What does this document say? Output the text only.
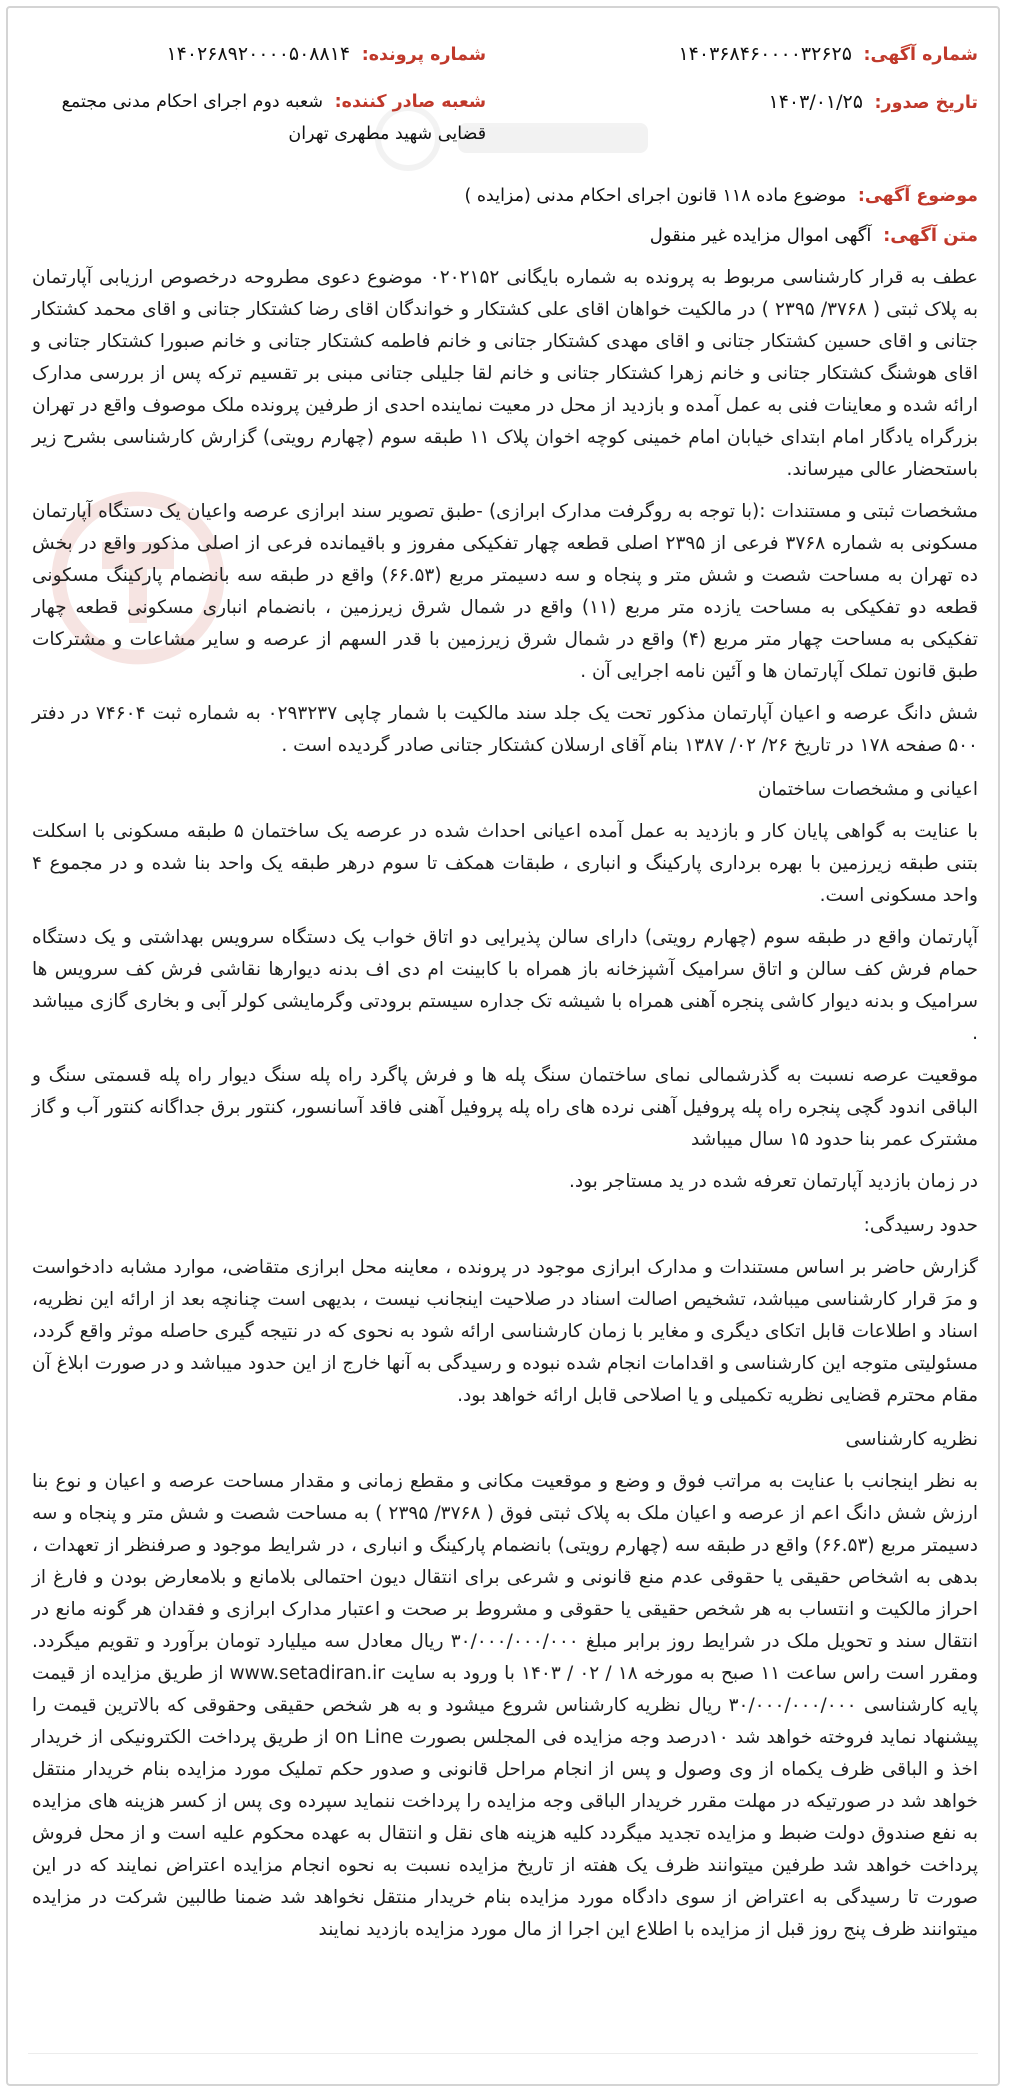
شماره آگهی: ۱۴۰۳۶۸۴۶۰۰۰۰۳۲۶۲۵
شماره پرونده: ۱۴۰۲۶۸۹۲۰۰۰۰۵۰۸۸۱۴
تاریخ صدور: ۱۴۰۳/۰۱/۲۵
شعبه صادر کننده: شعبه دوم اجرای احکام مدنی مجتمع قضایی شهید مطهری تهران
موضوع آگهی: موضوع ماده ۱۱۸ قانون اجرای احکام مدنی (مزایده )
متن آگهی: آگهی اموال مزایده غیر منقول

عطف به قرار کارشناسی مربوط به پرونده به شماره بایگانی ۰۲۰۲۱۵۲ موضوع دعوی مطروحه درخصوص ارزیابی آپارتمان به پلاک ثبتی ( ۳۷۶۸/ ۲۳۹۵ ) در مالکیت خواهان اقای علی کشتکار و خواندگان اقای رضا کشتکار جتانی و اقای محمد کشتکار جتانی و اقای حسین کشتکار جتانی و اقای مهدی کشتکار جتانی و خانم فاطمه کشتکار جتانی و خانم صبورا کشتکار جتانی و اقای هوشنگ کشتکار جتانی و خانم زهرا کشتکار جتانی و خانم لقا جلیلی جتانی مبنی بر تقسیم ترکه پس از بررسی مدارک ارائه شده و معاینات فنی به عمل آمده و بازدید از محل در معیت نماینده احدی از طرفین پرونده ملک موصوف واقع در تهران بزرگراه یادگار امام ابتدای خیابان امام خمینی کوچه اخوان پلاک ۱۱ طبقه سوم (چهارم رویتی) گزارش کارشناسی بشرح زیر باستحضار عالی میرساند.

مشخصات ثبتی و مستندات :(با توجه به روگرفت مدارک ابرازی) -طبق تصویر سند ابرازی عرصه واعیان یک دستگاه آپارتمان مسکونی به شماره ۳۷۶۸ فرعی از ۲۳۹۵ اصلی قطعه چهار تفکیکی مفروز و باقیمانده فرعی از اصلی مذکور واقع در بخش ده تهران به مساحت شصت و شش متر و پنجاه و سه دسیمتر مربع (۶۶.۵۳) واقع در طبقه سه بانضمام پارکینگ مسکونی قطعه دو تفکیکی به مساحت یازده متر مربع (۱۱) واقع در شمال شرق زیرزمین ، بانضمام انباری مسکونی قطعه چهار تفکیکی به مساحت چهار متر مربع (۴) واقع در شمال شرق زیرزمین با قدر السهم از عرصه و سایر مشاعات و مشترکات طبق قانون تملک آپارتمان ها و آئین نامه اجرایی آن .

شش دانگ عرصه و اعیان آپارتمان مذکور تحت یک جلد سند مالکیت با شمار چاپی ۰۲۹۳۲۳۷ به شماره ثبت ۷۴۶۰۴ در دفتر ۵۰۰ صفحه ۱۷۸ در تاریخ ۲۶/ ۰۲/ ۱۳۸۷ بنام آقای ارسلان کشتکار جتانی صادر گردیده است .

اعیانی و مشخصات ساختمان

با عنایت به گواهی پایان کار و بازدید به عمل آمده اعیانی احداث شده در عرصه یک ساختمان ۵ طبقه مسکونی با اسکلت بتنی طبقه زیرزمین با بهره برداری پارکینگ و انباری ، طبقات همکف تا سوم درهر طبقه یک واحد بنا شده و در مجموع ۴ واحد مسکونی است.

آپارتمان واقع در طبقه سوم (چهارم رویتی) دارای سالن پذیرایی دو اتاق خواب یک دستگاه سرویس بهداشتی و یک دستگاه حمام فرش کف سالن و اتاق سرامیک آشپزخانه باز همراه با کابینت ام دی اف بدنه دیوارها نقاشی فرش کف سرویس ها سرامیک و بدنه دیوار کاشی پنجره آهنی همراه با شیشه تک جداره سیستم برودتی وگرمایشی کولر آبی و بخاری گازی میباشد .

موقعیت عرصه نسبت به گذرشمالی نمای ساختمان سنگ پله ها و فرش پاگرد راه پله سنگ دیوار راه پله قسمتی سنگ و الباقی اندود گچی پنجره راه پله پروفیل آهنی نرده های راه پله پروفیل آهنی فاقد آسانسور، کنتور برق جداگانه کنتور آب و گاز مشترک عمر بنا حدود ۱۵ سال میباشد

در زمان بازدید آپارتمان تعرفه شده در ید مستاجر بود.

حدود رسیدگی:

گزارش حاضر بر اساس مستندات و مدارک ابرازی موجود در پرونده ، معاینه محل ابرازی متقاضی، موارد مشابه دادخواست و مرَ قرار کارشناسی میباشد، تشخیص اصالت اسناد در صلاحیت اینجانب نیست ، بدیهی است چنانچه بعد از ارائه این نظریه، اسناد و اطلاعات قابل اتکای دیگری و مغایر با زمان کارشناسی ارائه شود به نحوی که در نتیجه گیری حاصله موثر واقع گردد، مسئولیتی متوجه این کارشناسی و اقدامات انجام شده نبوده و رسیدگی به آنها خارج از این حدود میباشد و در صورت ابلاغ آن مقام محترم قضایی نظریه تکمیلی و یا اصلاحی قابل ارائه خواهد بود.

نظریه کارشناسی

به نظر اینجانب با عنایت به مراتب فوق و وضع و موقعیت مکانی و مقطع زمانی و مقدار مساحت عرصه و اعیان و نوع بنا ارزش شش دانگ اعم از عرصه و اعیان ملک به پلاک ثبتی فوق ( ۳۷۶۸/ ۲۳۹۵ ) به مساحت شصت و شش متر و پنجاه و سه دسیمتر مربع (۶۶.۵۳) واقع در طبقه سه (چهارم رویتی) بانضمام پارکینگ و انباری ، در شرایط موجود و صرفنظر از تعهدات ، بدهی به اشخاص حقیقی یا حقوقی عدم منع قانونی و شرعی برای انتقال دیون احتمالی بلامانع و بلامعارض بودن و فارغ از احراز مالکیت و انتساب به هر شخص حقیقی یا حقوقی و مشروط بر صحت و اعتبار مدارک ابرازی و فقدان هر گونه مانع در انتقال سند و تحویل ملک در شرایط روز برابر مبلغ ۳۰/۰۰۰/۰۰۰/۰۰۰ ریال معادل سه میلیارد تومان برآورد و تقویم میگردد. ومقرر است راس ساعت ۱۱ صبح به مورخه ۱۸ / ۰۲ / ۱۴۰۳ با ورود به سایت www.setadiran.ir از طریق مزایده از قیمت پایه کارشناسی ۳۰/۰۰۰/۰۰۰/۰۰۰ ریال نظریه کارشناس شروع میشود و به هر شخص حقیقی وحقوقی که بالاترین قیمت را پیشنهاد نماید فروخته خواهد شد ۱۰درصد وجه مزایده فی المجلس بصورت on Line از طریق پرداخت الکترونیکی از خریدار اخذ و الباقی ظرف یکماه از وی وصول و پس از انجام مراحل قانونی و صدور حکم تملیک مورد مزایده بنام خریدار منتقل خواهد شد در صورتیکه در مهلت مقرر خریدار الباقی وجه مزایده را پرداخت ننماید سپرده وی پس از کسر هزینه های مزایده به نفع صندوق دولت ضبط و مزایده تجدید میگردد کلیه هزینه های نقل و انتقال به عهده محکوم علیه است و از محل فروش پرداخت خواهد شد طرفین میتوانند ظرف یک هفته از تاریخ مزایده نسبت به نحوه انجام مزایده اعتراض نمایند که در این صورت تا رسیدگی به اعتراض از سوی دادگاه مورد مزایده بنام خریدار منتقل نخواهد شد ضمنا طالبین شرکت در مزایده میتوانند ظرف پنج روز قبل از مزایده با اطلاع این اجرا از مال مورد مزایده بازدید نمایند
